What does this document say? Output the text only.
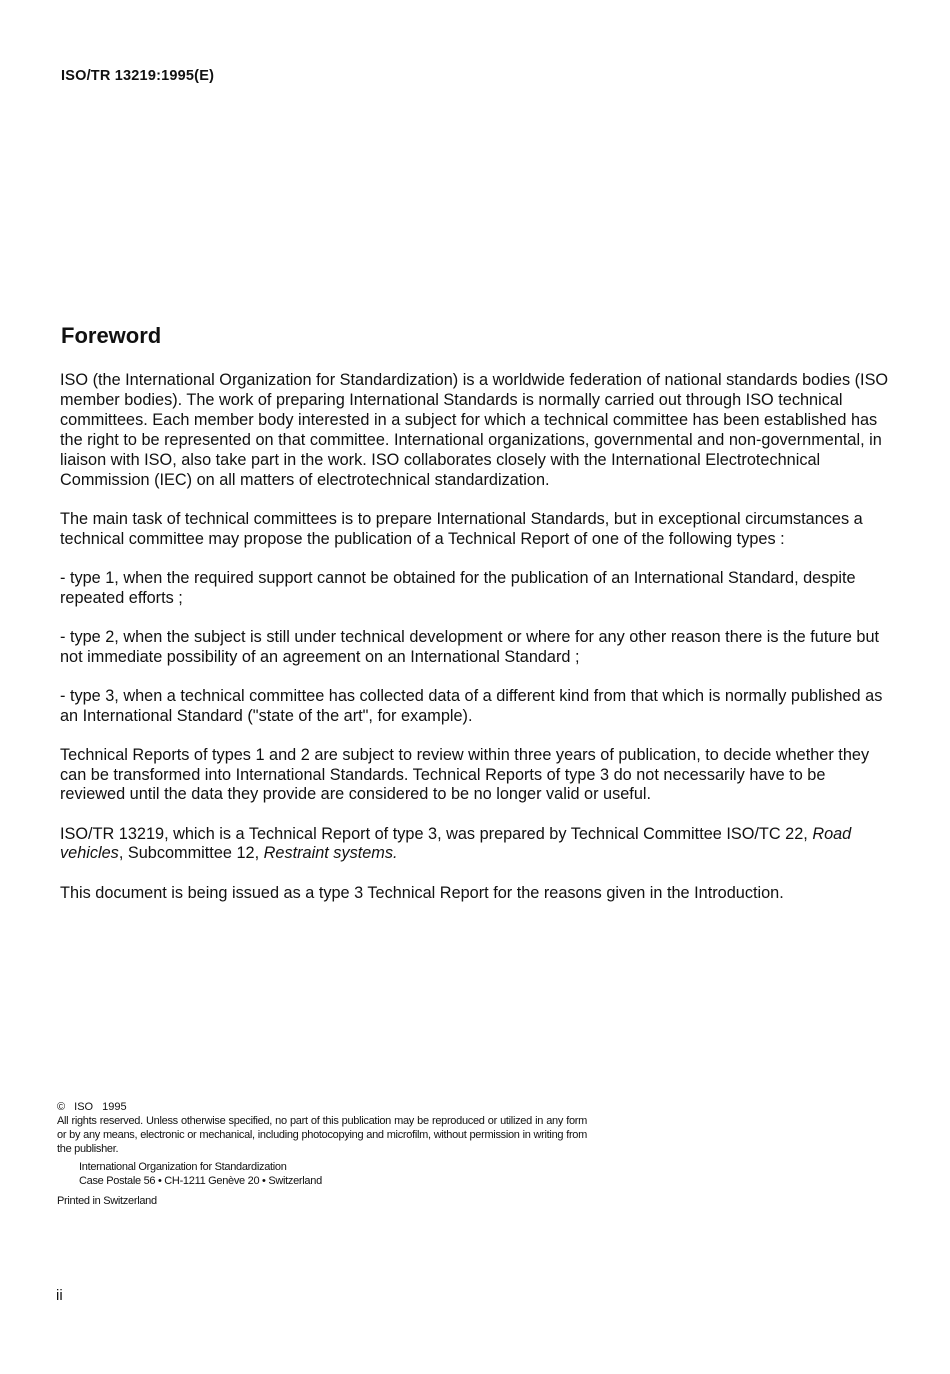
ISO/TR 13219:1995(E)
Foreword

ISO (the International Organization for Standardization) is a worldwide federation of national standards bodies (ISO member bodies). The work of preparing International Standards is normally carried out through ISO technical committees. Each member body interested in a subject for which a technical committee has been established has the right to be represented on that committee. International organizations, governmental and non-governmental, in liaison with ISO, also take part in the work. ISO collaborates closely with the International Electrotechnical Commission (IEC) on all matters of electrotechnical standardization.

The main task of technical committees is to prepare International Standards, but in exceptional circumstances a technical committee may propose the publication of a Technical Report of one of the following types :

- type 1, when the required support cannot be obtained for the publication of an International Standard, despite repeated efforts ;

- type 2, when the subject is still under technical development or where for any other reason there is the future but not immediate possibility of an agreement on an International Standard ;

- type 3, when a technical committee has collected data of a different kind from that which is normally published as an International Standard ("state of the art", for example).

Technical Reports of types 1 and 2 are subject to review within three years of publication, to decide whether they can be transformed into International Standards. Technical Reports of type 3 do not necessarily have to be reviewed until the data they provide are considered to be no longer valid or useful.

ISO/TR 13219, which is a Technical Report of type 3, was prepared by Technical Committee ISO/TC 22, Road vehicles, Subcommittee 12, Restraint systems.

This document is being issued as a type 3 Technical Report for the reasons given in the Introduction.

© ISO 1995
All rights reserved. Unless otherwise specified, no part of this publication may be reproduced or utilized in any form or by any means, electronic or mechanical, including photocopying and microfilm, without permission in writing from the publisher.
International Organization for Standardization
Case Postale 56 • CH-1211 Genève 20 • Switzerland
Printed in Switzerland
ii
